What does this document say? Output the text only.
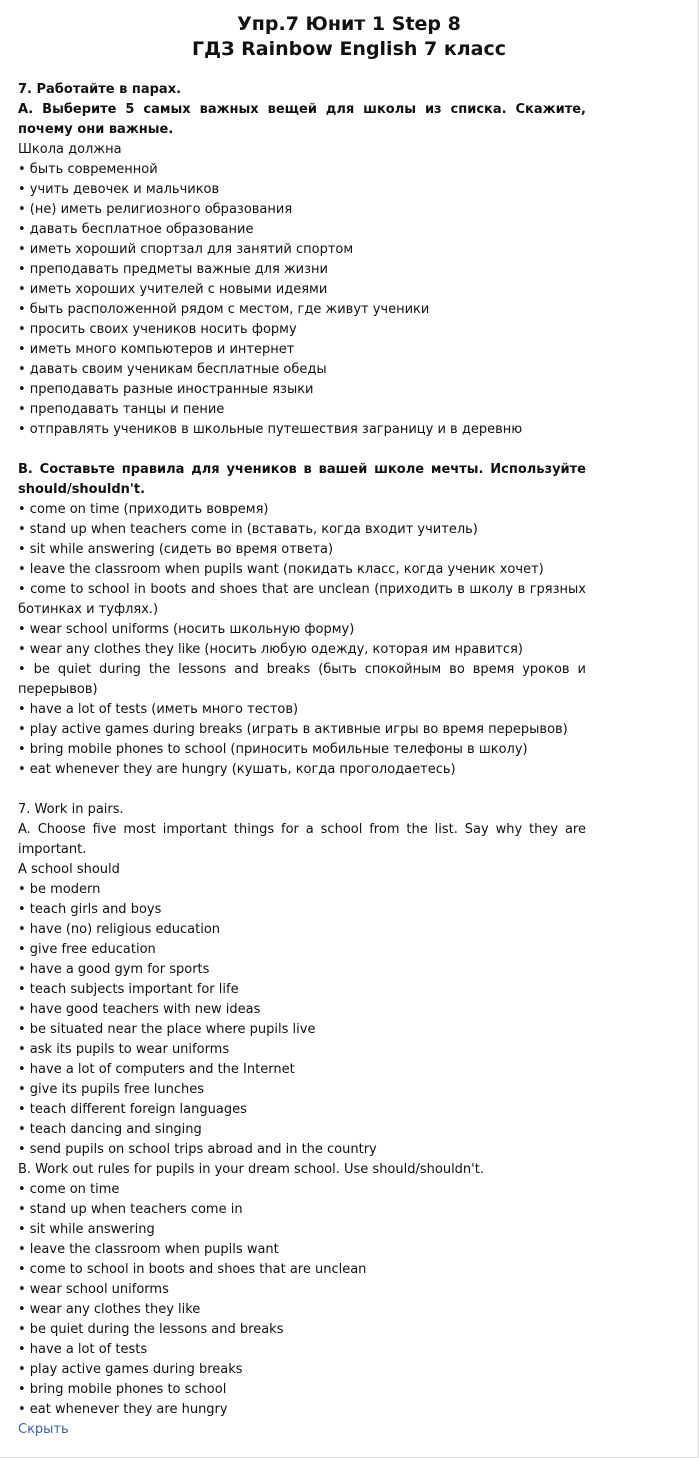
Упр.7 Юнит 1 Step 8
ГДЗ Rainbow English 7 класс
7. Работайте в парах.
A. Выберите 5 самых важных вещей для школы из списка. Скажите, почему они важные.
Школа должна
• быть современной
• учить девочек и мальчиков
• (не) иметь религиозного образования
• давать бесплатное образование
• иметь хороший спортзал для занятий спортом
• преподавать предметы важные для жизни
• иметь хороших учителей с новыми идеями
• быть расположенной рядом с местом, где живут ученики
• просить своих учеников носить форму
• иметь много компьютеров и интернет
• давать своим ученикам бесплатные обеды
• преподавать разные иностранные языки
• преподавать танцы и пение
• отправлять учеников в школьные путешествия заграницу и в деревню
B. Составьте правила для учеников в вашей школе мечты. Используйте should/shouldn't.
• come on time (приходить вовремя)
• stand up when teachers come in (вставать, когда входит учитель)
• sit while answering (сидеть во время ответа)
• leave the classroom when pupils want (покидать класс, когда ученик хочет)
• come to school in boots and shoes that are unclean (приходить в школу в грязных ботинках и туфлях.)
• wear school uniforms (носить школьную форму)
• wear any clothes they like (носить любую одежду, которая им нравится)
• be quiet during the lessons and breaks (быть спокойным во время уроков и перерывов)
• have a lot of tests (иметь много тестов)
• play active games during breaks (играть в активные игры во время перерывов)
• bring mobile phones to school (приносить мобильные телефоны в школу)
• eat whenever they are hungry (кушать, когда проголодаетесь)
7. Work in pairs.
A. Choose five most important things for a school from the list. Say why they are important.
A school should
• be modern
• teach girls and boys
• have (no) religious education
• give free education
• have a good gym for sports
• teach subjects important for life
• have good teachers with new ideas
• be situated near the place where pupils live
• ask its pupils to wear uniforms
• have a lot of computers and the Internet
• give its pupils free lunches
• teach different foreign languages
• teach dancing and singing
• send pupils on school trips abroad and in the country
B. Work out rules for pupils in your dream school. Use should/shouldn't.
• come on time
• stand up when teachers come in
• sit while answering
• leave the classroom when pupils want
• come to school in boots and shoes that are unclean
• wear school uniforms
• wear any clothes they like
• be quiet during the lessons and breaks
• have a lot of tests
• play active games during breaks
• bring mobile phones to school
• eat whenever they are hungry
Скрыть
